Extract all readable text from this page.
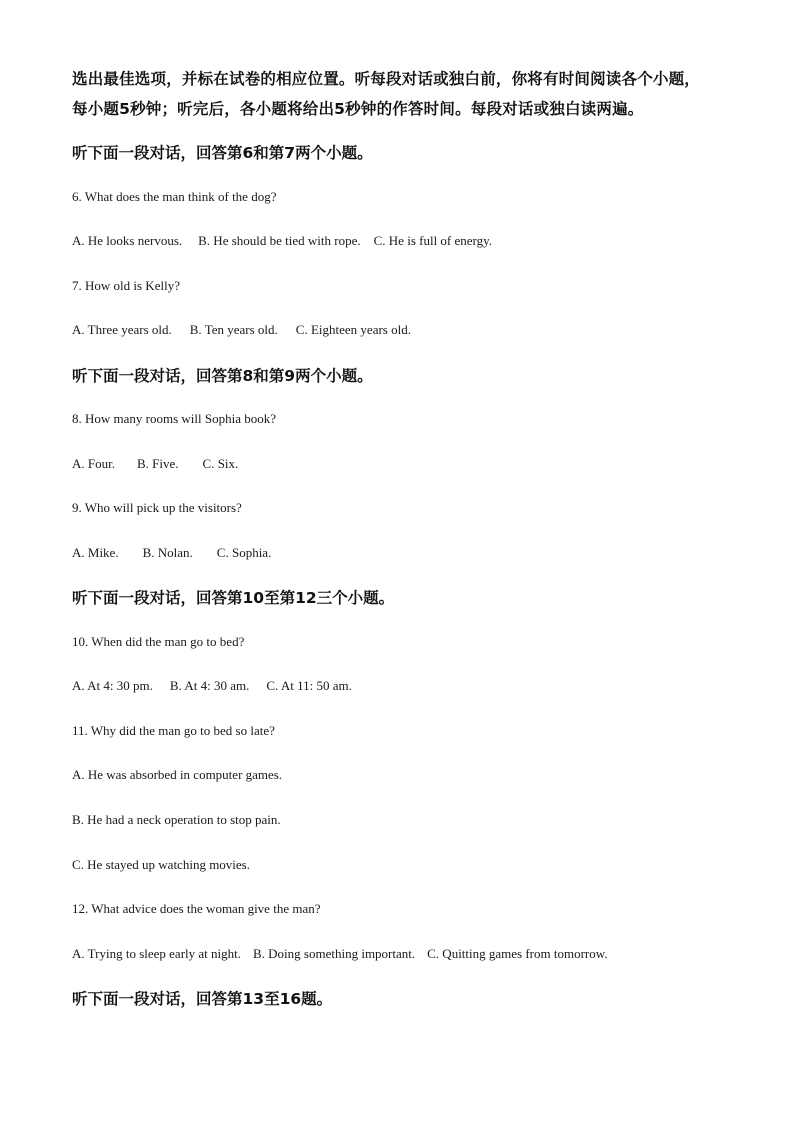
选出最佳选项，并标在试卷的相应位置。听每段对话或独白前，你将有时间阅读各个小题，
每小题5秒钟；听完后，各小题将给出5秒钟的作答时间。每段对话或独白读两遍。
听下面一段对话，回答第6和第7两个小题。
6. What does the man think of the dog?
A. He looks nervous. B. He should be tied with rope. C. He is full of energy.
7. How old is Kelly?
A. Three years old. B. Ten years old. C. Eighteen years old.
听下面一段对话，回答第8和第9两个小题。
8. How many rooms will Sophia book?
A. Four. B. Five. C. Six.
9. Who will pick up the visitors?
A. Mike. B. Nolan. C. Sophia.
听下面一段对话，回答第10至第12三个小题。
10. When did the man go to bed?
A. At 4: 30 pm. B. At 4: 30 am. C. At 11: 50 am.
11. Why did the man go to bed so late?
A. He was absorbed in computer games.
B. He had a neck operation to stop pain.
C. He stayed up watching movies.
12. What advice does the woman give the man?
A. Trying to sleep early at night. B. Doing something important. C. Quitting games from tomorrow.
听下面一段对话，回答第13至16题。
